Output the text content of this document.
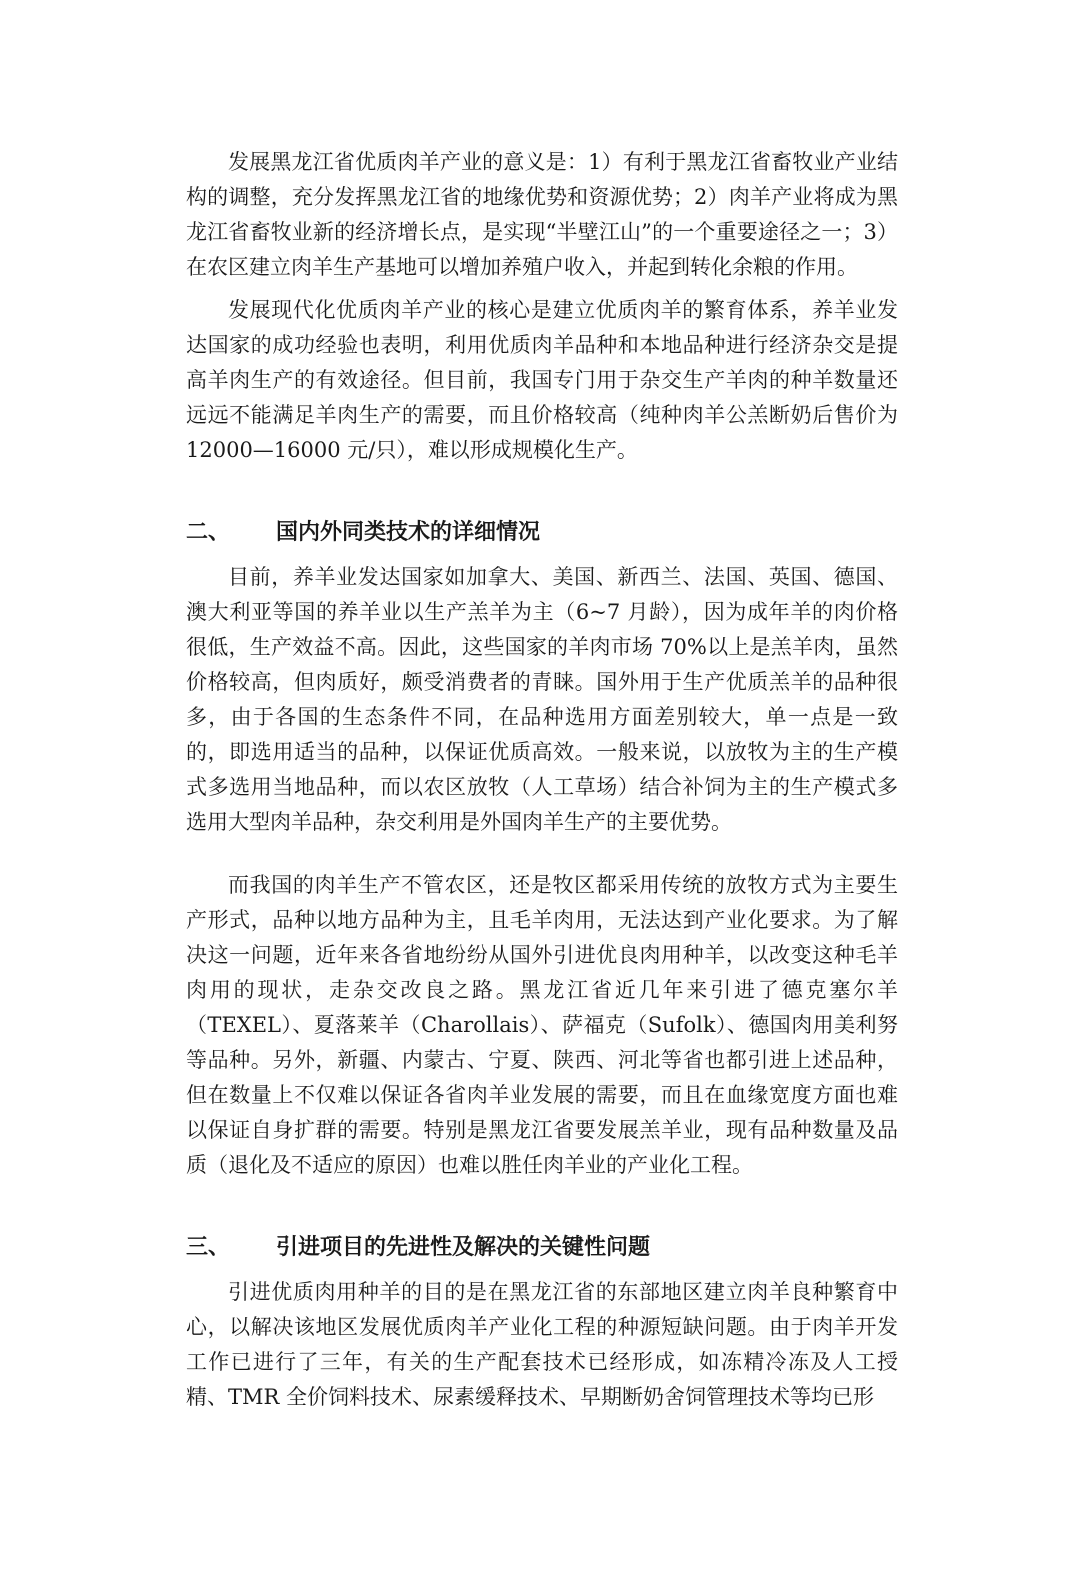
发展黑龙江省优质肉羊产业的意义是：1）有利于黑龙江省畜牧业产业结构的调整，充分发挥黑龙江省的地缘优势和资源优势；2）肉羊产业将成为黑龙江省畜牧业新的经济增长点，是实现“半壁江山”的一个重要途径之一；3）在农区建立肉羊生产基地可以增加养殖户收入，并起到转化余粮的作用。

发展现代化优质肉羊产业的核心是建立优质肉羊的繁育体系，养羊业发达国家的成功经验也表明，利用优质肉羊品种和本地品种进行经济杂交是提高羊肉生产的有效途径。但目前，我国专门用于杂交生产羊肉的种羊数量还远远不能满足羊肉生产的需要，而且价格较高（纯种肉羊公羔断奶后售价为12000—16000 元/只），难以形成规模化生产。

二、	国内外同类技术的详细情况

目前，养羊业发达国家如加拿大、美国、新西兰、法国、英国、德国、澳大利亚等国的养羊业以生产羔羊为主（6~7 月龄），因为成年羊的肉价格很低，生产效益不高。因此，这些国家的羊肉市场 70%以上是羔羊肉，虽然价格较高，但肉质好，颇受消费者的青睐。国外用于生产优质羔羊的品种很多，由于各国的生态条件不同，在品种选用方面差别较大，单一点是一致的，即选用适当的品种，以保证优质高效。一般来说，以放牧为主的生产模式多选用当地品种，而以农区放牧（人工草场）结合补饲为主的生产模式多选用大型肉羊品种，杂交利用是外国肉羊生产的主要优势。

而我国的肉羊生产不管农区，还是牧区都采用传统的放牧方式为主要生产形式，品种以地方品种为主，且毛羊肉用，无法达到产业化要求。为了解决这一问题，近年来各省地纷纷从国外引进优良肉用种羊，以改变这种毛羊肉用的现状，走杂交改良之路。黑龙江省近几年来引进了德克塞尔羊（TEXEL）、夏落莱羊（Charollais）、萨福克（Sufolk）、德国肉用美利努等品种。另外，新疆、内蒙古、宁夏、陕西、河北等省也都引进上述品种，但在数量上不仅难以保证各省肉羊业发展的需要，而且在血缘宽度方面也难以保证自身扩群的需要。特别是黑龙江省要发展羔羊业，现有品种数量及品质（退化及不适应的原因）也难以胜任肉羊业的产业化工程。

三、	引进项目的先进性及解决的关键性问题

引进优质肉用种羊的目的是在黑龙江省的东部地区建立肉羊良种繁育中心，以解决该地区发展优质肉羊产业化工程的种源短缺问题。由于肉羊开发工作已进行了三年，有关的生产配套技术已经形成，如冻精冷冻及人工授精、TMR 全价饲料技术、尿素缓释技术、早期断奶舍饲管理技术等均已形
